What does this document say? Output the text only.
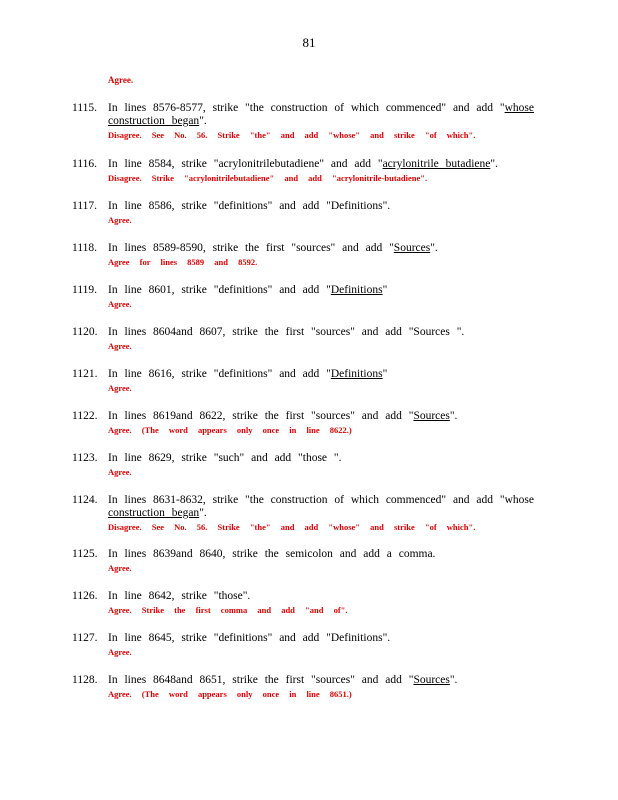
81
Agree.
1115. In lines 8576-8577, strike "the construction of which commenced" and add "whose construction began".
Disagree. See No. 56. Strike "the" and add "whose" and strike "of which".
1116. In line 8584, strike "acrylonitrilebutadiene" and add "acrylonitrile butadiene".
Disagree. Strike "acrylonitrilebutadiene" and add "acrylonitrile-butadiene".
1117. In line 8586, strike "definitions" and add "Definitions".
Agree.
1118. In lines 8589-8590, strike the first "sources" and add "Sources".
Agree for lines 8589 and 8592.
1119. In line 8601, strike "definitions" and add "Definitions"
Agree.
1120. In lines 8604and 8607, strike the first "sources" and add "Sources ".
Agree.
1121. In line 8616, strike "definitions" and add "Definitions"
Agree.
1122. In lines 8619and 8622, strike the first "sources" and add "Sources".
Agree. (The word appears only once in line 8622.)
1123. In line 8629, strike "such" and add "those ".
Agree.
1124. In lines 8631-8632, strike "the construction of which commenced" and add "whose construction began".
Disagree. See No. 56. Strike "the" and add "whose" and strike "of which".
1125. In lines 8639and 8640, strike the semicolon and add a comma.
Agree.
1126. In line 8642, strike "those".
Agree. Strike the first comma and add "and of".
1127. In line 8645, strike "definitions" and add "Definitions".
Agree.
1128. In lines 8648and 8651, strike the first "sources" and add "Sources".
Agree. (The word appears only once in line 8651.)
